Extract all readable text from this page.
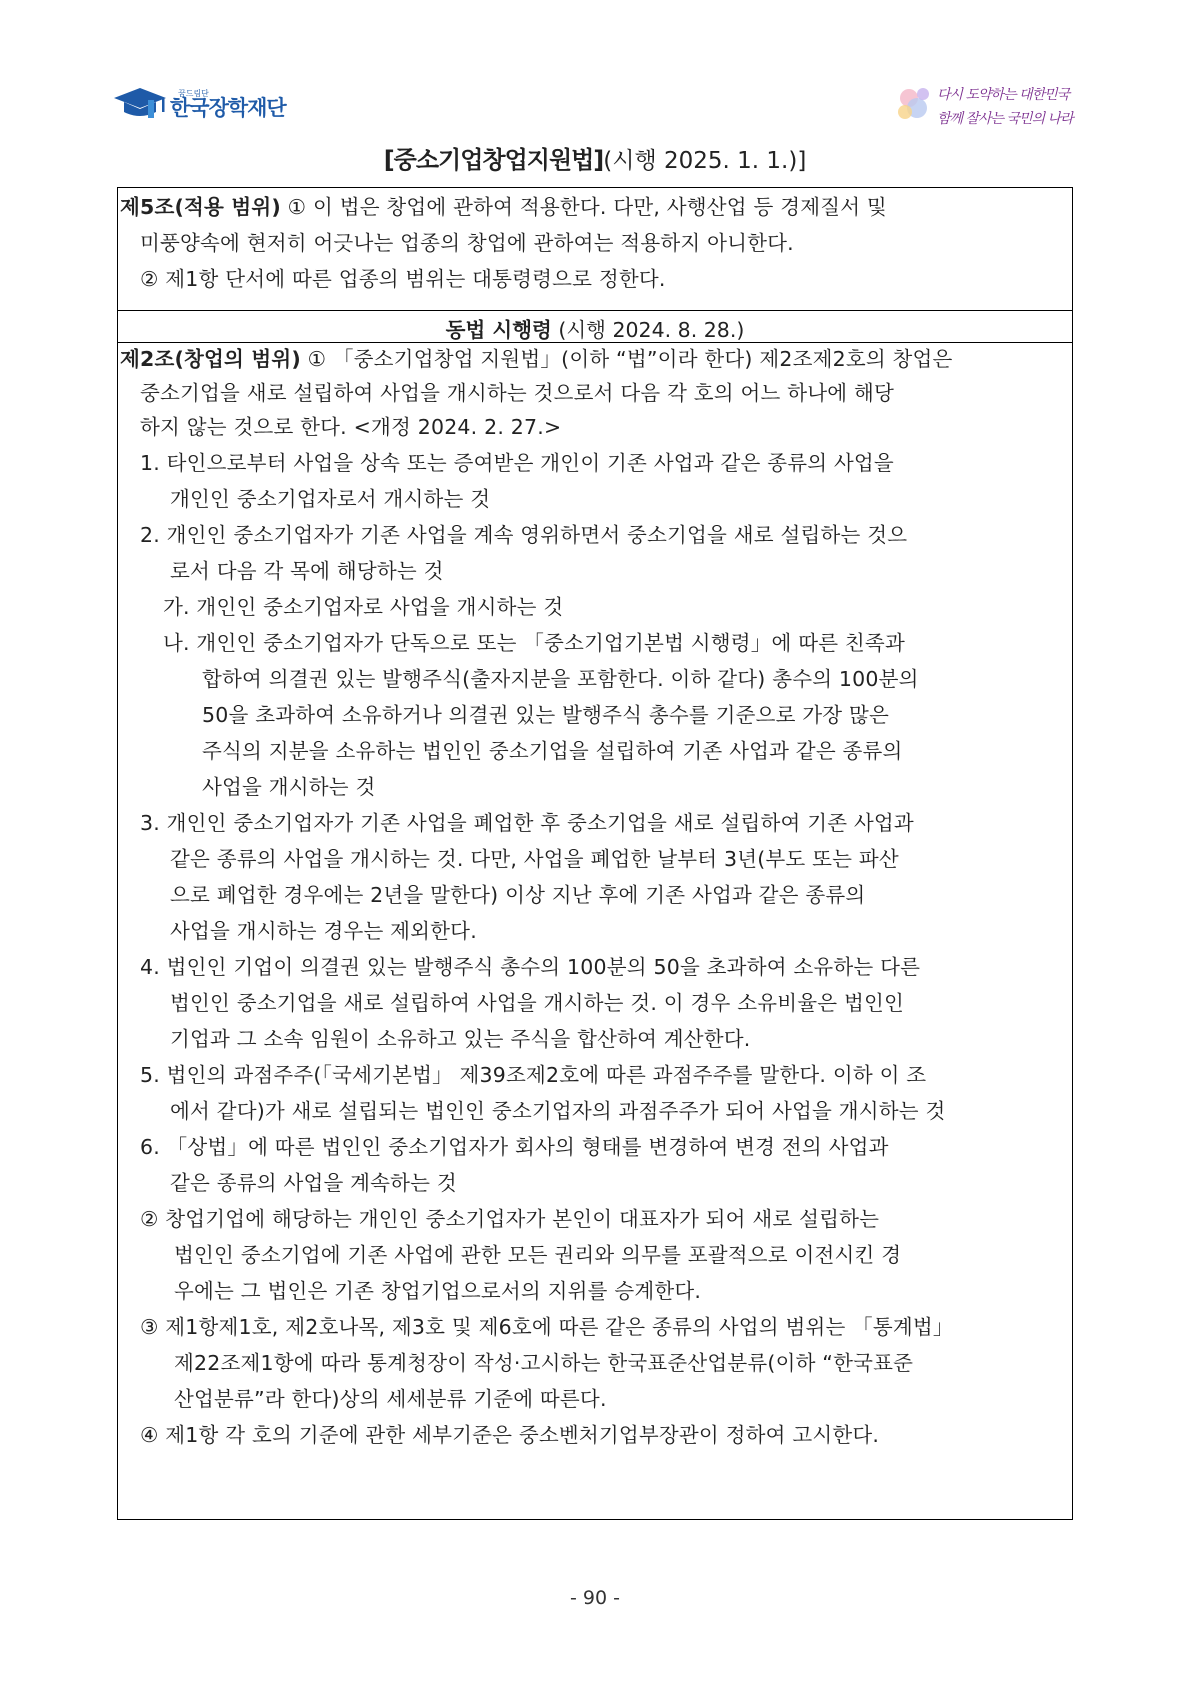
꿈드림단
한국장학재단
다시 도약하는 대한민국
함께 잘사는 국민의 나라
[중소기업창업지원법](시행 2025. 1. 1.)]
제5조(적용 범위) ① 이 법은 창업에 관하여 적용한다. 다만, 사행산업 등 경제질서 및
미풍양속에 현저히 어긋나는 업종의 창업에 관하여는 적용하지 아니한다.
② 제1항 단서에 따른 업종의 범위는 대통령령으로 정한다.
동법 시행령 (시행 2024. 8. 28.)
제2조(창업의 범위) ① 「중소기업창업 지원법」(이하 “법”이라 한다) 제2조제2호의 창업은
중소기업을 새로 설립하여 사업을 개시하는 것으로서 다음 각 호의 어느 하나에 해당
하지 않는 것으로 한다. <개정 2024. 2. 27.>
1. 타인으로부터 사업을 상속 또는 증여받은 개인이 기존 사업과 같은 종류의 사업을
개인인 중소기업자로서 개시하는 것
2. 개인인 중소기업자가 기존 사업을 계속 영위하면서 중소기업을 새로 설립하는 것으
로서 다음 각 목에 해당하는 것
가. 개인인 중소기업자로 사업을 개시하는 것
나. 개인인 중소기업자가 단독으로 또는 「중소기업기본법 시행령」에 따른 친족과
합하여 의결권 있는 발행주식(출자지분을 포함한다. 이하 같다) 총수의 100분의
50을 초과하여 소유하거나 의결권 있는 발행주식 총수를 기준으로 가장 많은
주식의 지분을 소유하는 법인인 중소기업을 설립하여 기존 사업과 같은 종류의
사업을 개시하는 것
3. 개인인 중소기업자가 기존 사업을 폐업한 후 중소기업을 새로 설립하여 기존 사업과
같은 종류의 사업을 개시하는 것. 다만, 사업을 폐업한 날부터 3년(부도 또는 파산
으로 폐업한 경우에는 2년을 말한다) 이상 지난 후에 기존 사업과 같은 종류의
사업을 개시하는 경우는 제외한다.
4. 법인인 기업이 의결권 있는 발행주식 총수의 100분의 50을 초과하여 소유하는 다른
법인인 중소기업을 새로 설립하여 사업을 개시하는 것. 이 경우 소유비율은 법인인
기업과 그 소속 임원이 소유하고 있는 주식을 합산하여 계산한다.
5. 법인의 과점주주(「국세기본법」 제39조제2호에 따른 과점주주를 말한다. 이하 이 조
에서 같다)가 새로 설립되는 법인인 중소기업자의 과점주주가 되어 사업을 개시하는 것
6. 「상법」에 따른 법인인 중소기업자가 회사의 형태를 변경하여 변경 전의 사업과
같은 종류의 사업을 계속하는 것
② 창업기업에 해당하는 개인인 중소기업자가 본인이 대표자가 되어 새로 설립하는
법인인 중소기업에 기존 사업에 관한 모든 권리와 의무를 포괄적으로 이전시킨 경
우에는 그 법인은 기존 창업기업으로서의 지위를 승계한다.
③ 제1항제1호, 제2호나목, 제3호 및 제6호에 따른 같은 종류의 사업의 범위는 「통계법」
제22조제1항에 따라 통계청장이 작성·고시하는 한국표준산업분류(이하 “한국표준
산업분류”라 한다)상의 세세분류 기준에 따른다.
④ 제1항 각 호의 기준에 관한 세부기준은 중소벤처기업부장관이 정하여 고시한다.
- 90 -
